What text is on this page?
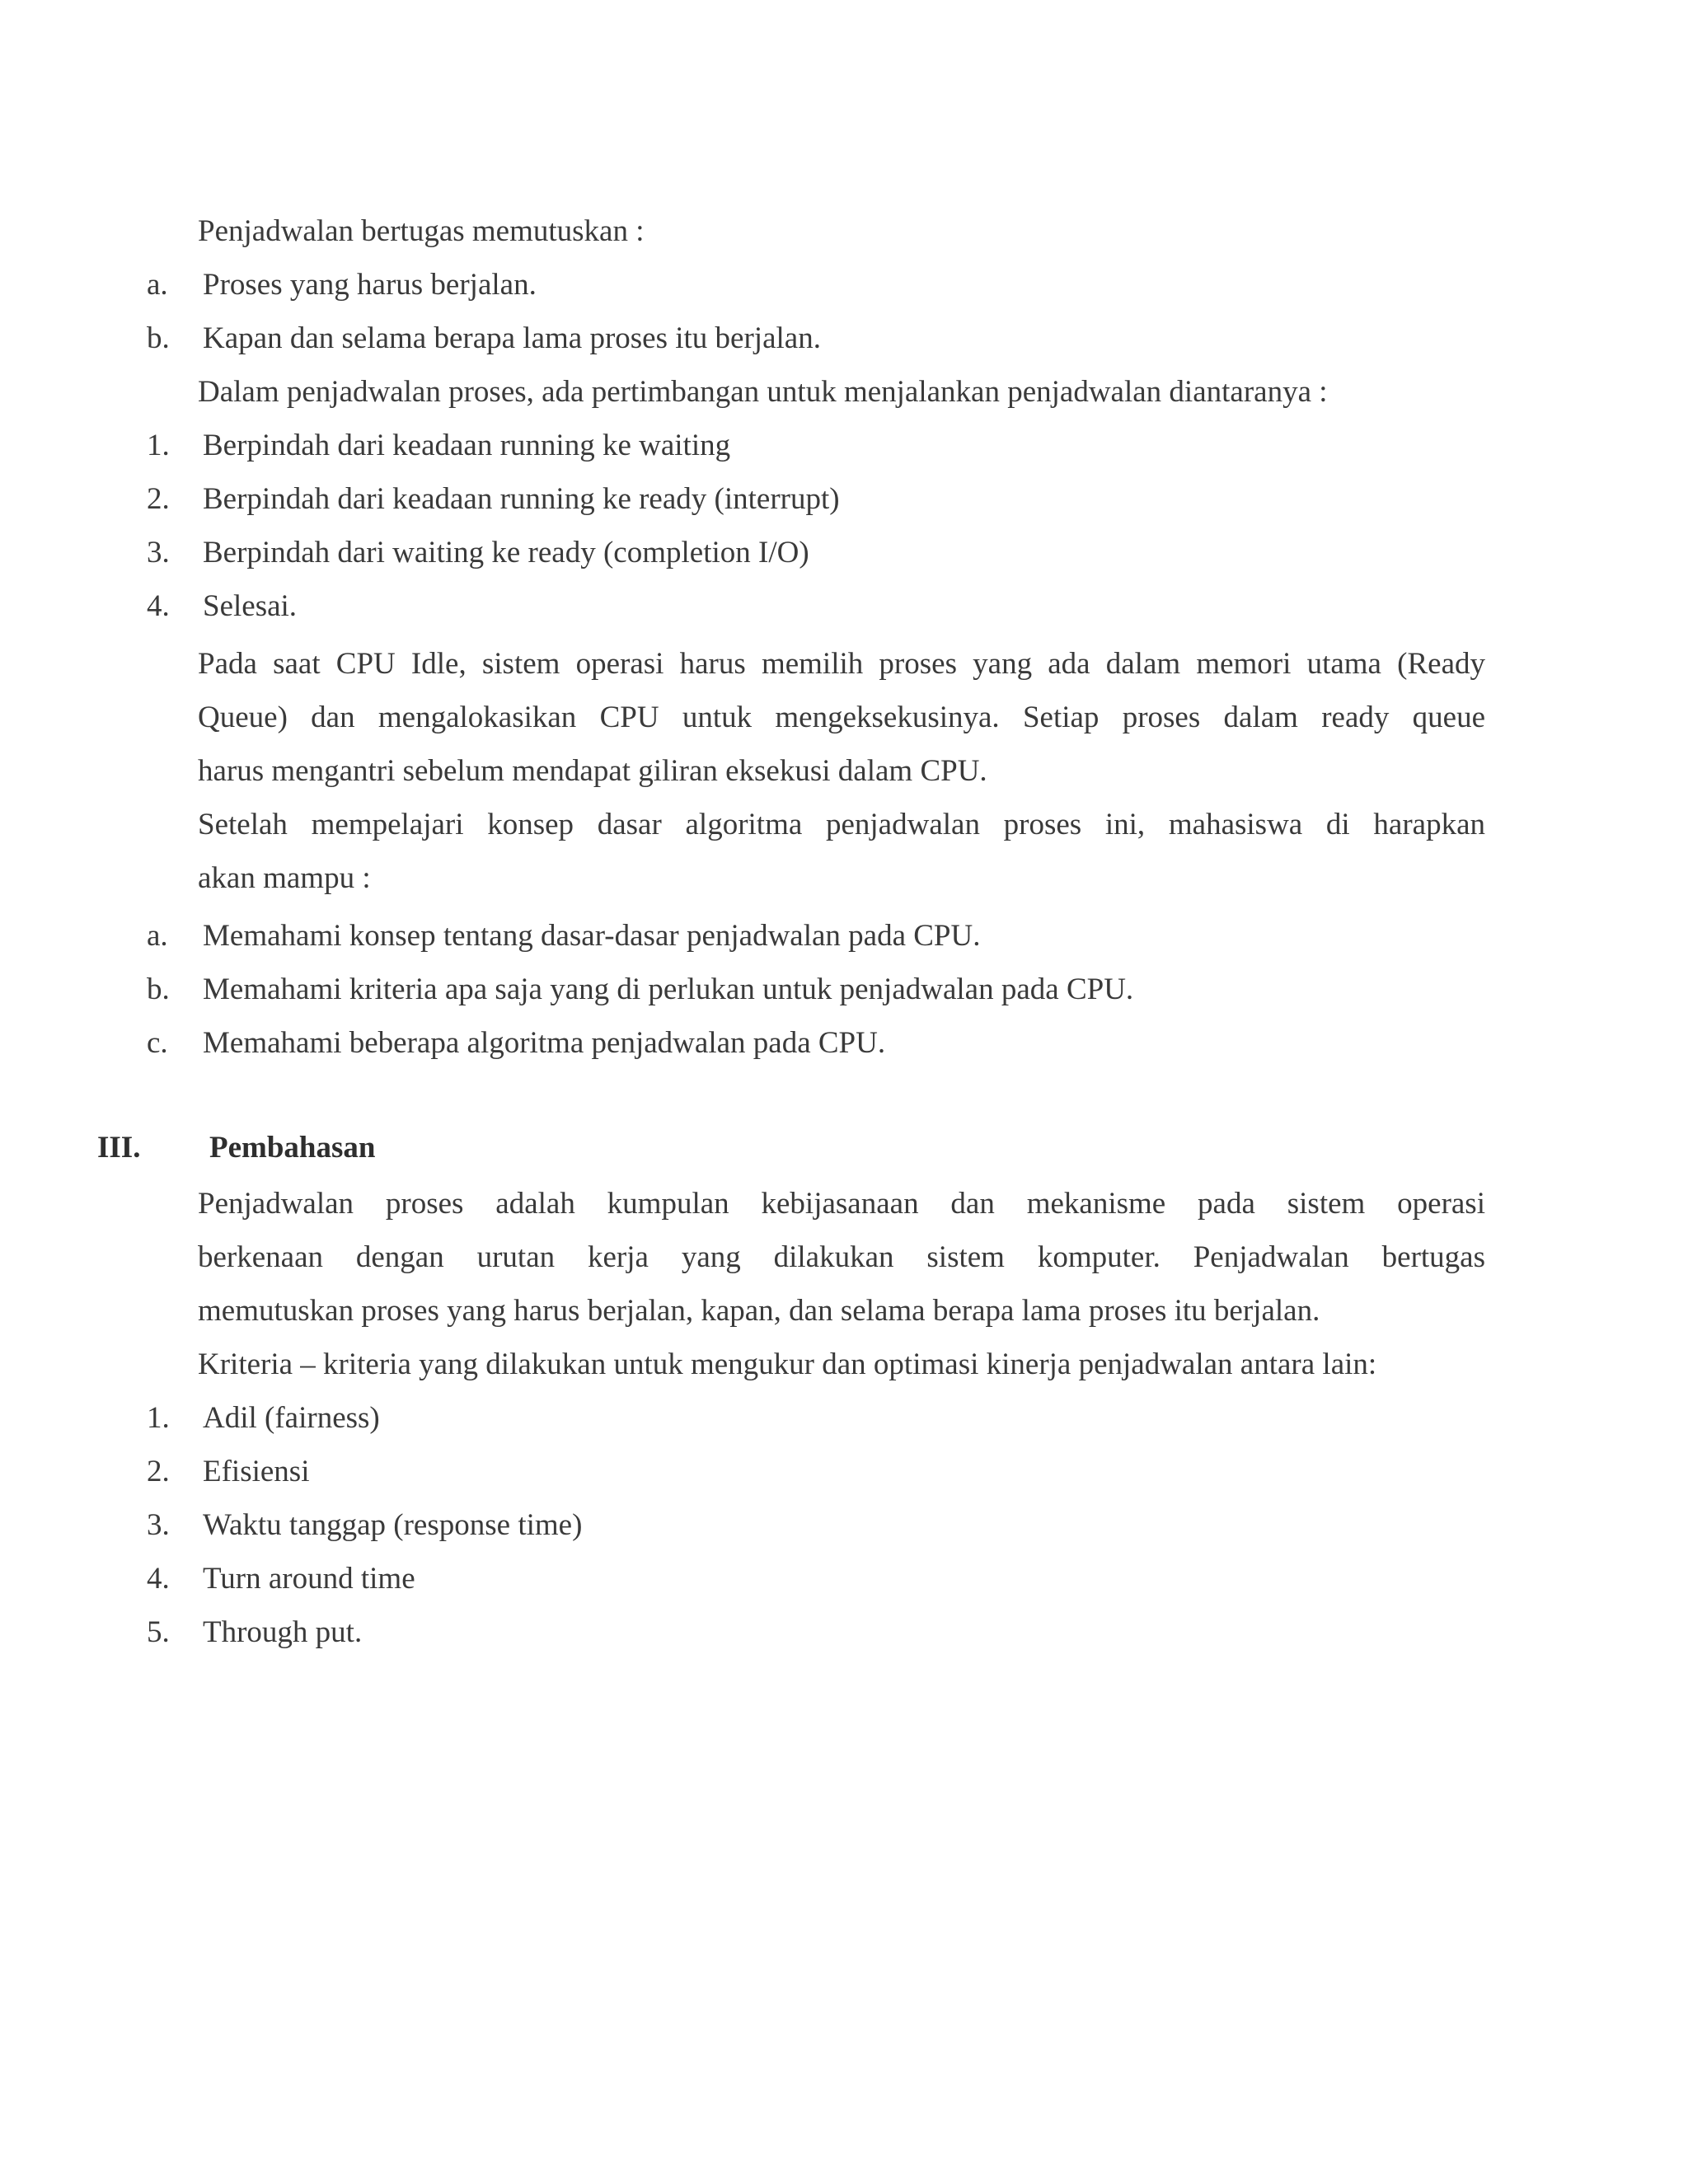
Penjadwalan bertugas memutuskan :
a. Proses yang harus berjalan.
b. Kapan dan selama berapa lama proses itu berjalan.
Dalam penjadwalan proses, ada pertimbangan untuk menjalankan penjadwalan diantaranya :
1. Berpindah dari keadaan running ke waiting
2. Berpindah dari keadaan running ke ready (interrupt)
3. Berpindah dari waiting ke ready (completion I/O)
4. Selesai.
Pada saat CPU Idle, sistem operasi harus memilih proses yang ada dalam memori utama (Ready
Queue) dan mengalokasikan CPU untuk mengeksekusinya. Setiap proses dalam ready queue
harus mengantri sebelum mendapat giliran eksekusi dalam CPU.
Setelah mempelajari konsep dasar algoritma penjadwalan proses ini, mahasiswa di harapkan
akan mampu :
a. Memahami konsep tentang dasar-dasar penjadwalan pada CPU.
b. Memahami kriteria apa saja yang di perlukan untuk penjadwalan pada CPU.
c. Memahami beberapa algoritma penjadwalan pada CPU.
III. Pembahasan
Penjadwalan proses adalah kumpulan kebijasanaan dan mekanisme pada sistem operasi
berkenaan dengan urutan kerja yang dilakukan sistem komputer. Penjadwalan bertugas
memutuskan proses yang harus berjalan, kapan, dan selama berapa lama proses itu berjalan.
Kriteria – kriteria yang dilakukan untuk mengukur dan optimasi kinerja penjadwalan antara lain:
1. Adil (fairness)
2. Efisiensi
3. Waktu tanggap (response time)
4. Turn around time
5. Through put.
